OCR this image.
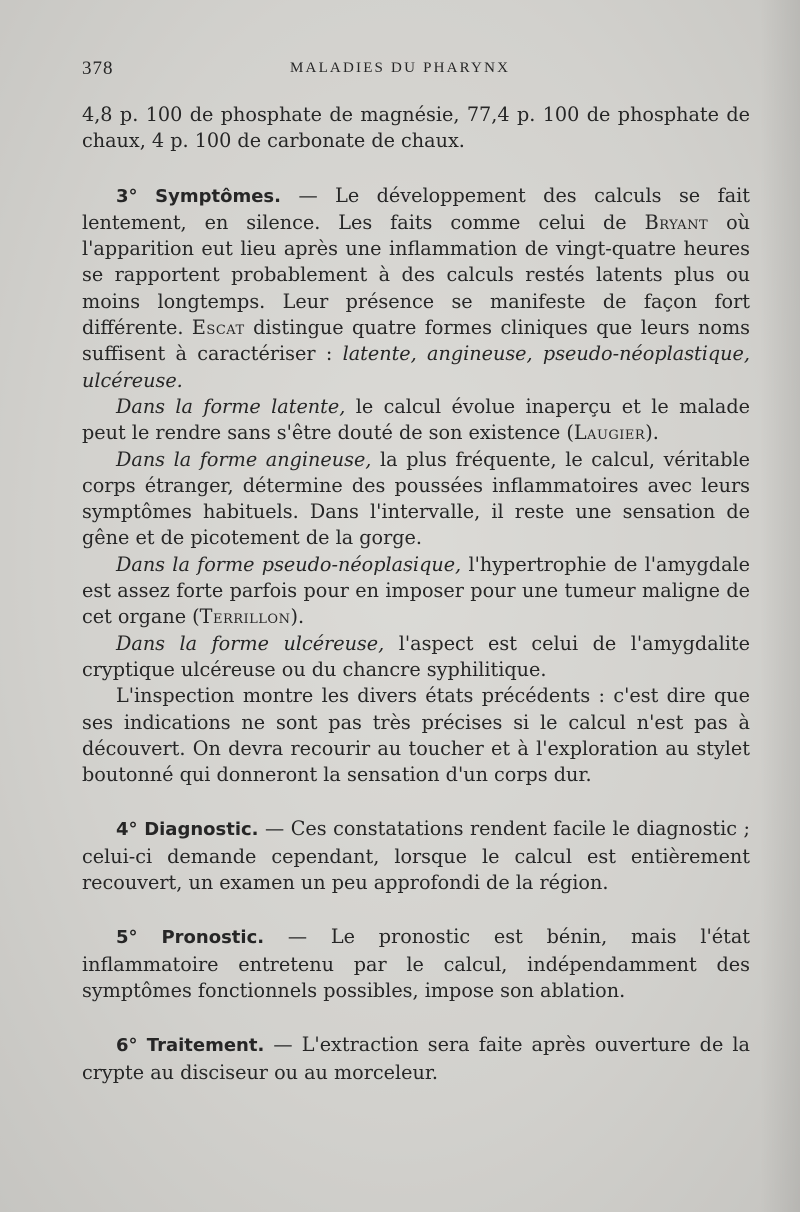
378	MALADIES DU PHARYNX

4,8 p. 100 de phosphate de magnésie, 77,4 p. 100 de phosphate de chaux, 4 p. 100 de carbonate de chaux.

3° Symptômes. — Le développement des calculs se fait lentement, en silence. Les faits comme celui de Bryant où l'apparition eut lieu après une inflammation de vingt-quatre heures se rapportent probablement à des calculs restés latents plus ou moins longtemps. Leur présence se manifeste de façon fort différente. Escat distingue quatre formes cliniques que leurs noms suffisent à caractériser : latente, angineuse, pseudo-néoplastique, ulcéreuse.

Dans la forme latente, le calcul évolue inaperçu et le malade peut le rendre sans s'être douté de son existence (Laugier).

Dans la forme angineuse, la plus fréquente, le calcul, véritable corps étranger, détermine des poussées inflammatoires avec leurs symptômes habituels. Dans l'intervalle, il reste une sensation de gêne et de picotement de la gorge.

Dans la forme pseudo-néoplasique, l'hypertrophie de l'amygdale est assez forte parfois pour en imposer pour une tumeur maligne de cet organe (Terrillon).

Dans la forme ulcéreuse, l'aspect est celui de l'amygdalite cryptique ulcéreuse ou du chancre syphilitique.

L'inspection montre les divers états précédents : c'est dire que ses indications ne sont pas très précises si le calcul n'est pas à découvert. On devra recourir au toucher et à l'exploration au stylet boutonné qui donneront la sensation d'un corps dur.

4° Diagnostic. — Ces constatations rendent facile le diagnostic ; celui-ci demande cependant, lorsque le calcul est entièrement recouvert, un examen un peu approfondi de la région.

5° Pronostic. — Le pronostic est bénin, mais l'état inflammatoire entretenu par le calcul, indépendamment des symptômes fonctionnels possibles, impose son ablation.

6° Traitement. — L'extraction sera faite après ouverture de la crypte au disciseur ou au morceleur.
